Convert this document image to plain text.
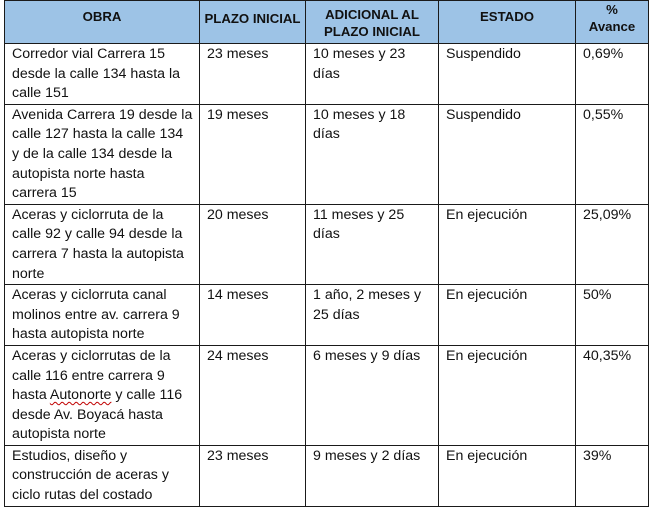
OBRA	PLAZO INICIAL	ADICIONAL AL PLAZO INICIAL	ESTADO	%
Avance

Corredor vial Carrera 15 desde la calle 134 hasta la calle 151	23 meses	10 meses y 23 días	Suspendido	0,69%
Avenida Carrera 19 desde la calle 127 hasta la calle 134 y de la calle 134 desde la autopista norte hasta carrera 15	19 meses	10 meses y 18 días	Suspendido	0,55%
Aceras y ciclorruta de la calle 92 y calle 94 desde la carrera 7 hasta la autopista norte	20 meses	11 meses y 25 días	En ejecución	25,09%
Aceras y ciclorruta canal molinos entre av. carrera 9 hasta autopista norte	14 meses	1 año, 2 meses y 25 días	En ejecución	50%
Aceras y ciclorrutas de la calle 116 entre carrera 9 hasta Autonorte y calle 116 desde Av. Boyacá hasta autopista norte	24 meses	6 meses y 9 días	En ejecución	40,35%
Estudios, diseño y construcción de aceras y ciclo rutas del costado	23 meses	9 meses y 2 días	En ejecución	39%
